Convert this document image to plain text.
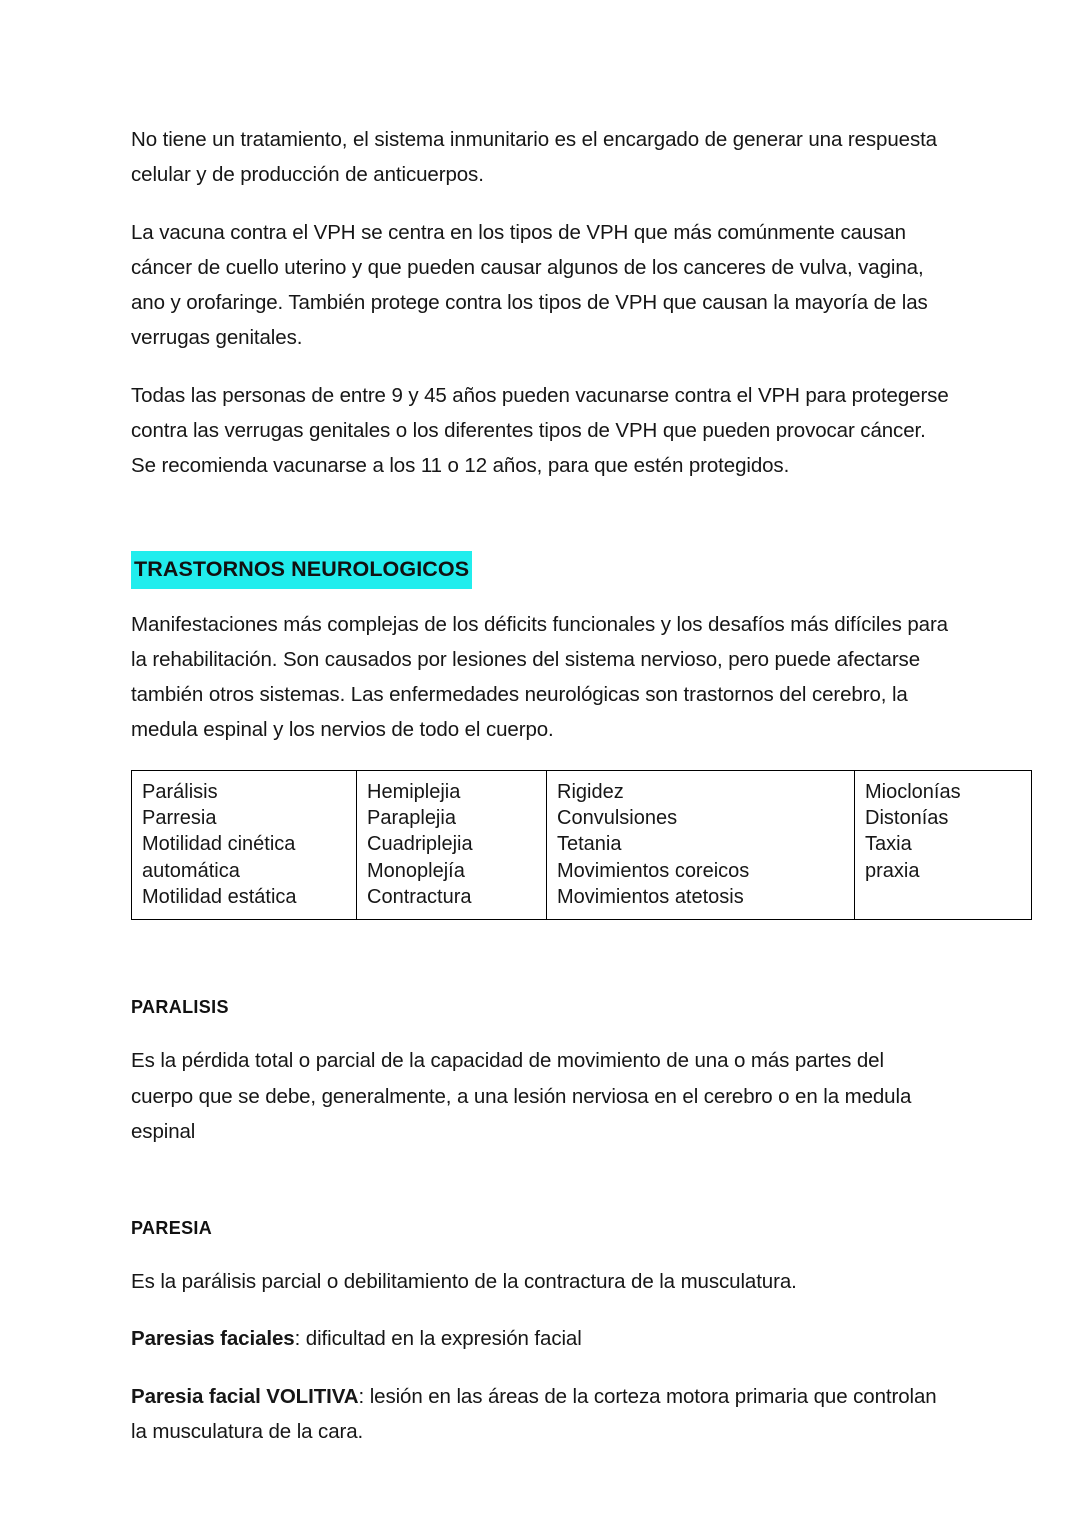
No tiene un tratamiento, el sistema inmunitario es el encargado de generar una respuesta celular y de producción de anticuerpos.

La vacuna contra el VPH se centra en los tipos de VPH que más comúnmente causan cáncer de cuello uterino y que pueden causar algunos de los canceres de vulva, vagina, ano y orofaringe. También protege contra los tipos de VPH que causan la mayoría de las verrugas genitales.

Todas las personas de entre 9 y 45 años pueden vacunarse contra el VPH para protegerse contra las verrugas genitales o los diferentes tipos de VPH que pueden provocar cáncer. Se recomienda vacunarse a los 11 o 12 años, para que estén protegidos.

TRASTORNOS NEUROLOGICOS

Manifestaciones más complejas de los déficits funcionales y los desafíos más difíciles para la rehabilitación. Son causados por lesiones del sistema nervioso, pero puede afectarse también otros sistemas. Las enfermedades neurológicas son trastornos del cerebro, la medula espinal y los nervios de todo el cuerpo.

Parálisis
Parresia
Motilidad cinética
automática
Motilidad estática

Hemiplejia
Paraplejia
Cuadriplejia
Monoplejía
Contractura

Rigidez
Convulsiones
Tetania
Movimientos coreicos
Movimientos atetosis

Mioclonías
Distonías
Taxia
praxia
PARALISIS

Es la pérdida total o parcial de la capacidad de movimiento de una o más partes del cuerpo que se debe, generalmente, a una lesión nerviosa en el cerebro o en la medula espinal

PARESIA

Es la parálisis parcial o debilitamiento de la contractura de la musculatura.

Paresias faciales: dificultad en la expresión facial

Paresia facial VOLITIVA: lesión en las áreas de la corteza motora primaria que controlan la musculatura de la cara.
